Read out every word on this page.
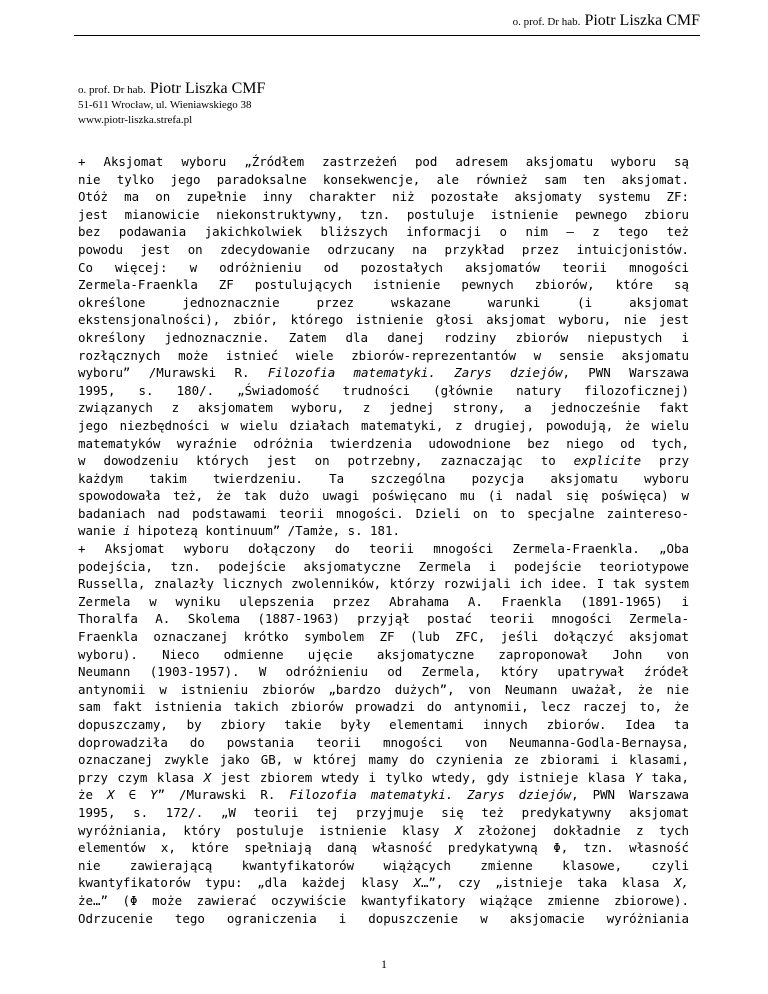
o. prof. Dr hab. Piotr Liszka CMF
o. prof. Dr hab. Piotr Liszka CMF
51-611 Wrocław, ul. Wieniawskiego 38
www.piotr-liszka.strefa.pl
+ Aksjomat wyboru „Źródłem zastrzeżeń pod adresem aksjomatu wyboru są
nie tylko jego paradoksalne konsekwencje, ale również sam ten aksjomat.
Otóż ma on zupełnie inny charakter niż pozostałe aksjomaty systemu ZF:
jest mianowicie niekonstruktywny, tzn. postuluje istnienie pewnego zbioru
bez podawania jakichkolwiek bliższych informacji o nim – z tego też
powodu jest on zdecydowanie odrzucany na przykład przez intuicjonistów.
Co więcej: w odróżnieniu od pozostałych aksjomatów teorii mnogości
Zermela-Fraenkla ZF postulujących istnienie pewnych zbiorów, które są
określone jednoznacznie przez wskazane warunki (i aksjomat
ekstensjonalności), zbiór, którego istnienie głosi aksjomat wyboru, nie jest
określony jednoznacznie. Zatem dla danej rodziny zbiorów niepustych i
rozłącznych może istnieć wiele zbiorów-reprezentantów w sensie aksjomatu
wyboru” /Murawski R. Filozofia matematyki. Zarys dziejów, PWN Warszawa
1995, s. 180/. „Świadomość trudności (głównie natury filozoficznej)
związanych z aksjomatem wyboru, z jednej strony, a jednocześnie fakt
jego niezbędności w wielu działach matematyki, z drugiej, powodują, że wielu
matematyków wyraźnie odróżnia twierdzenia udowodnione bez niego od tych,
w dowodzeniu których jest on potrzebny, zaznaczając to explicite przy
każdym takim twierdzeniu. Ta szczególna pozycja aksjomatu wyboru
spowodowała też, że tak dużo uwagi poświęcano mu (i nadal się poświęca) w
badaniach nad podstawami teorii mnogości. Dzieli on to specjalne zaintereso-
wanie i hipotezą kontinuum” /Tamże, s. 181.
+ Aksjomat wyboru dołączony do teorii mnogości Zermela-Fraenkla. „Oba
podejścia, tzn. podejście aksjomatyczne Zermela i podejście teoriotypowe
Russella, znalazły licznych zwolenników, którzy rozwijali ich idee. I tak system
Zermela w wyniku ulepszenia przez Abrahama A. Fraenkla (1891-1965) i
Thoralfa A. Skolema (1887-1963) przyjął postać teorii mnogości Zermela-
Fraenkla oznaczanej krótko symbolem ZF (lub ZFC, jeśli dołączyć aksjomat
wyboru). Nieco odmienne ujęcie aksjomatyczne zaproponował John von
Neumann (1903-1957). W odróżnieniu od Zermela, który upatrywał źródeł
antynomii w istnieniu zbiorów „bardzo dużych”, von Neumann uważał, że nie
sam fakt istnienia takich zbiorów prowadzi do antynomii, lecz raczej to, że
dopuszczamy, by zbiory takie były elementami innych zbiorów. Idea ta
doprowadziła do powstania teorii mnogości von Neumanna-Godla-Bernaysa,
oznaczanej zwykle jako GB, w której mamy do czynienia ze zbiorami i klasami,
przy czym klasa X jest zbiorem wtedy i tylko wtedy, gdy istnieje klasa Y taka,
że X ∈ Y” /Murawski R. Filozofia matematyki. Zarys dziejów, PWN Warszawa
1995, s. 172/. „W teorii tej przyjmuje się też predykatywny aksjomat
wyróżniania, który postuluje istnienie klasy X złożonej dokładnie z tych
elementów x, które spełniają daną własność predykatywną Φ, tzn. własność
nie zawierającą kwantyfikatorów wiążących zmienne klasowe, czyli
kwantyfikatorów typu: „dla każdej klasy X…”, czy „istnieje taka klasa X,
że…” (Φ może zawierać oczywiście kwantyfikatory wiążące zmienne zbiorowe).
Odrzucenie tego ograniczenia i dopuszczenie w aksjomacie wyróżniania
1
